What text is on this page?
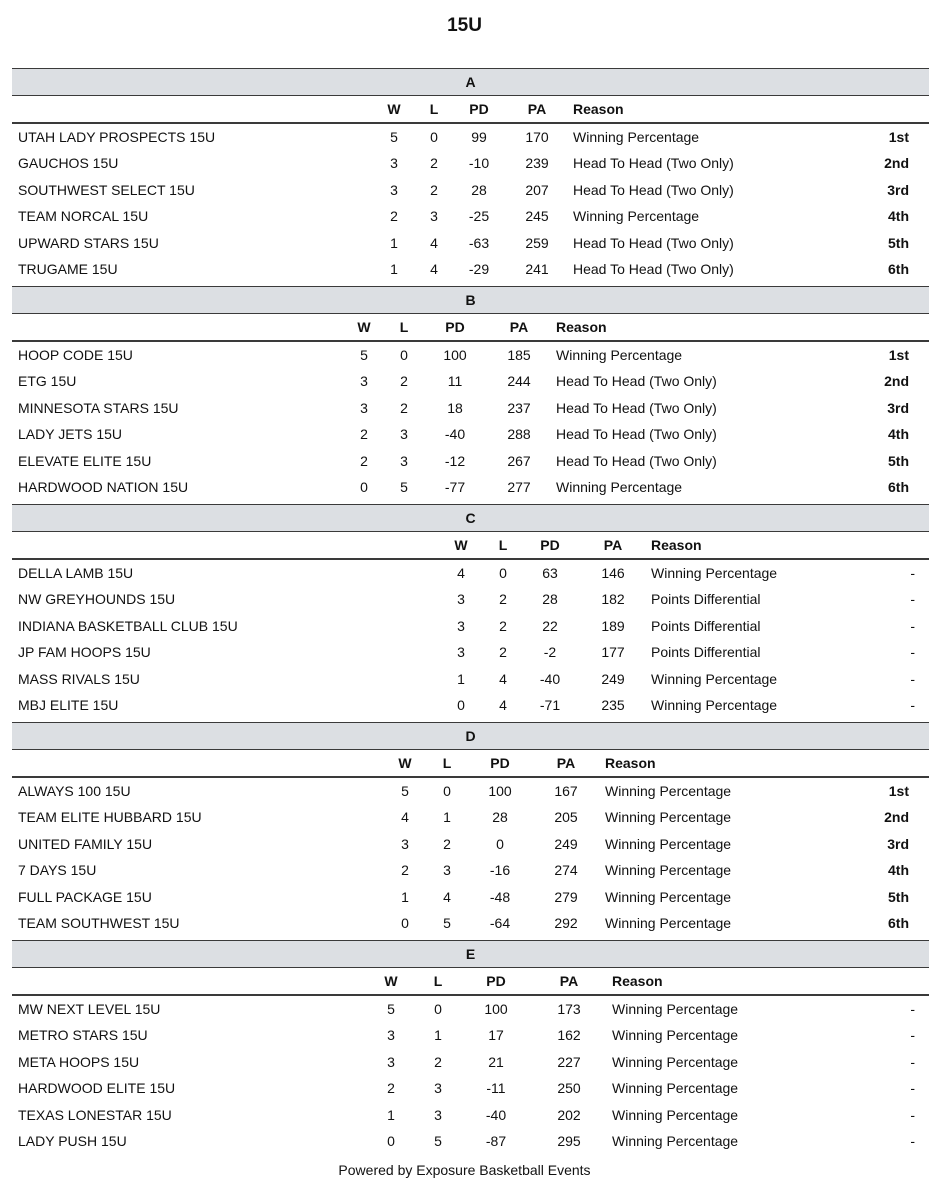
15U
A
W L PD	PA Reason
UTAH LADY PROSPECTS 15U	5 0 99	170 Winning Percentage	1st
GAUCHOS 15U	3 2 -10	239 Head To Head (Two Only)	2nd
SOUTHWEST SELECT 15U	3 2 28	207 Head To Head (Two Only)	3rd
TEAM NORCAL 15U	2 3 -25	245 Winning Percentage	4th
UPWARD STARS 15U	1 4 -63	259 Head To Head (Two Only)	5th
TRUGAME 15U	1 4 -29	241 Head To Head (Two Only)	6th
B
W L	PD	PA Reason
HOOP CODE 15U	5 0	100	185 Winning Percentage	1st
ETG 15U	3 2	11	244 Head To Head (Two Only)	2nd
MINNESOTA STARS 15U	3 2	18	237 Head To Head (Two Only)	3rd
LADY JETS 15U	2 3	-40	288 Head To Head (Two Only)	4th
ELEVATE ELITE 15U	2 3	-12	267 Head To Head (Two Only)	5th
HARDWOOD NATION 15U	0 5	-77	277 Winning Percentage	6th
C
W L PD	PA Reason
DELLA LAMB 15U	4 0	63	146 Winning Percentage	-
NW GREYHOUNDS 15U	3 2	28	182 Points Differential	-
INDIANA BASKETBALL CLUB 15U	3 2	22	189 Points Differential	-
JP FAM HOOPS 15U	3 2	-2	177 Points Differential	-
MASS RIVALS 15U	1 4 -40	249 Winning Percentage	-
MBJ ELITE 15U	0 4 -71	235 Winning Percentage	-
D
W L	PD	PA Reason
ALWAYS 100 15U	5 0	100	167 Winning Percentage	1st
TEAM ELITE HUBBARD 15U	4 1	28	205 Winning Percentage	2nd
UNITED FAMILY 15U	3 2	0	249 Winning Percentage	3rd
7 DAYS 15U	2 3	-16	274 Winning Percentage	4th
FULL PACKAGE 15U	1 4	-48	279 Winning Percentage	5th
TEAM SOUTHWEST 15U	0 5	-64	292 Winning Percentage	6th
E
W	L	PD	PA Reason
MW NEXT LEVEL 15U	5	0	100	173 Winning Percentage	-
METRO STARS 15U	3	1	17	162 Winning Percentage	-
META HOOPS 15U	3	2	21	227 Winning Percentage	-
HARDWOOD ELITE 15U	2	3	-11	250 Winning Percentage	-
TEXAS LONESTAR 15U	1	3	-40	202 Winning Percentage	-
LADY PUSH 15U	0	5	-87	295 Winning Percentage	-
Powered by Exposure Basketball Events
